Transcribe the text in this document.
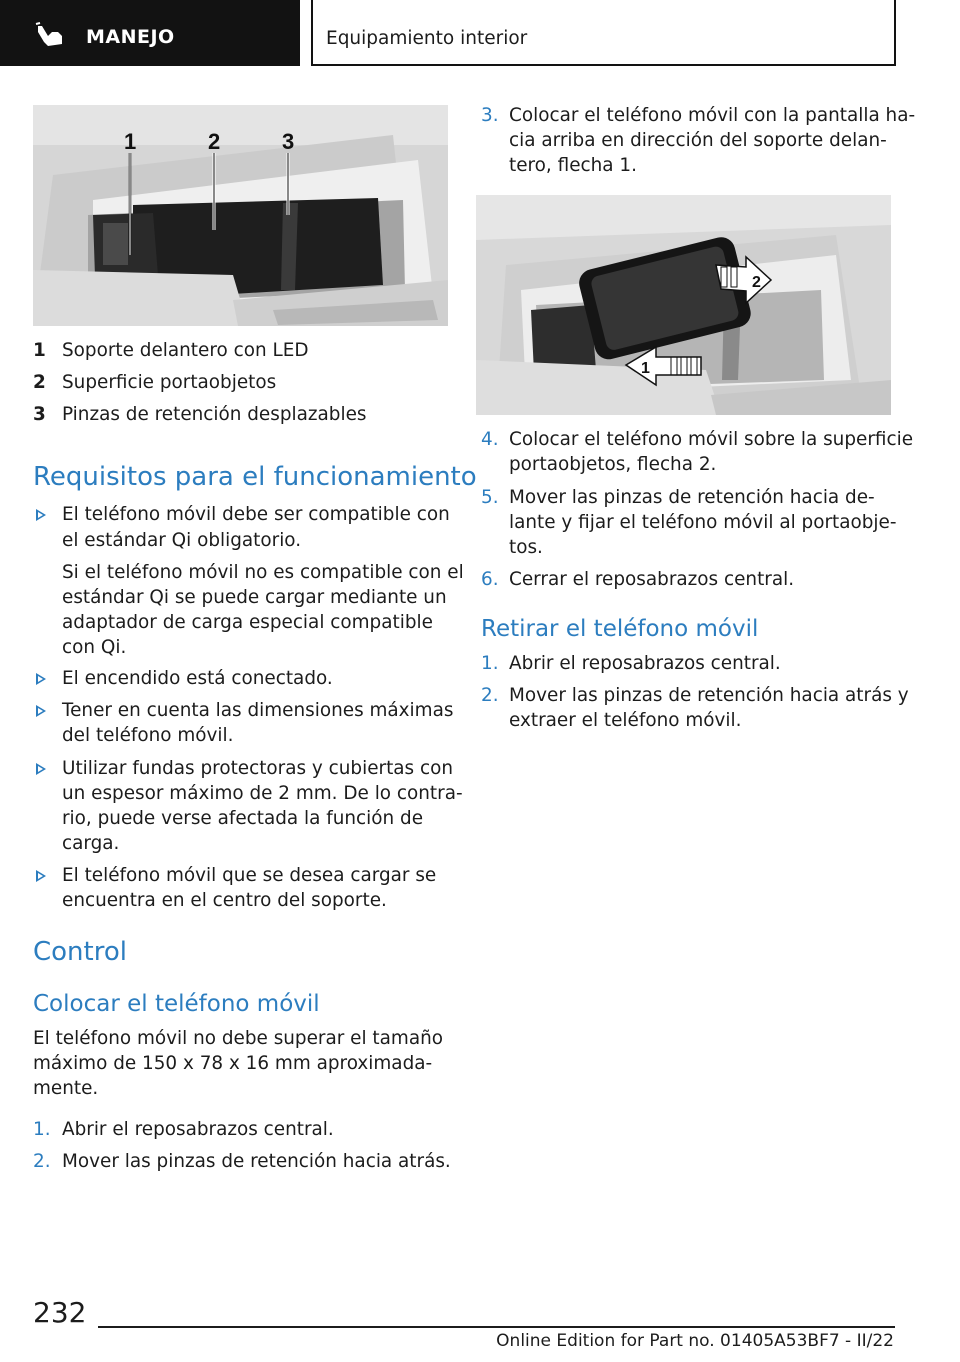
MANEJO	Equipamiento interior
1	2	3
1 Soporte delantero con LED
2 Superficie portaobjetos
3 Pinzas de retención desplazables
Requisitos para el funcionamiento
El teléfono móvil debe ser compatible con
el estándar Qi obligatorio.
Si el teléfono móvil no es compatible con el
estándar Qi se puede cargar mediante un
adaptador de carga especial compatible
con Qi.
El encendido está conectado.
Tener en cuenta las dimensiones máximas
del teléfono móvil.
Utilizar fundas protectoras y cubiertas con
un espesor máximo de 2 mm. De lo contra-
rio, puede verse afectada la función de
carga.
El teléfono móvil que se desea cargar se
encuentra en el centro del soporte.
Control
Colocar el teléfono móvil
El teléfono móvil no debe superar el tamaño
máximo de 150 x 78 x 16 mm aproximada-
mente.
1. Abrir el reposabrazos central.
2. Mover las pinzas de retención hacia atrás.
3. Colocar el teléfono móvil con la pantalla ha-
cia arriba en dirección del soporte delan-
tero, flecha 1.
1
2
4. Colocar el teléfono móvil sobre la superficie
portaobjetos, flecha 2.
5. Mover las pinzas de retención hacia de-
lante y fijar el teléfono móvil al portaobje-
tos.
6. Cerrar el reposabrazos central.
Retirar el teléfono móvil
1. Abrir el reposabrazos central.
2. Mover las pinzas de retención hacia atrás y
extraer el teléfono móvil.
232
Online Edition for Part no. 01405A53BF7 - II/22
